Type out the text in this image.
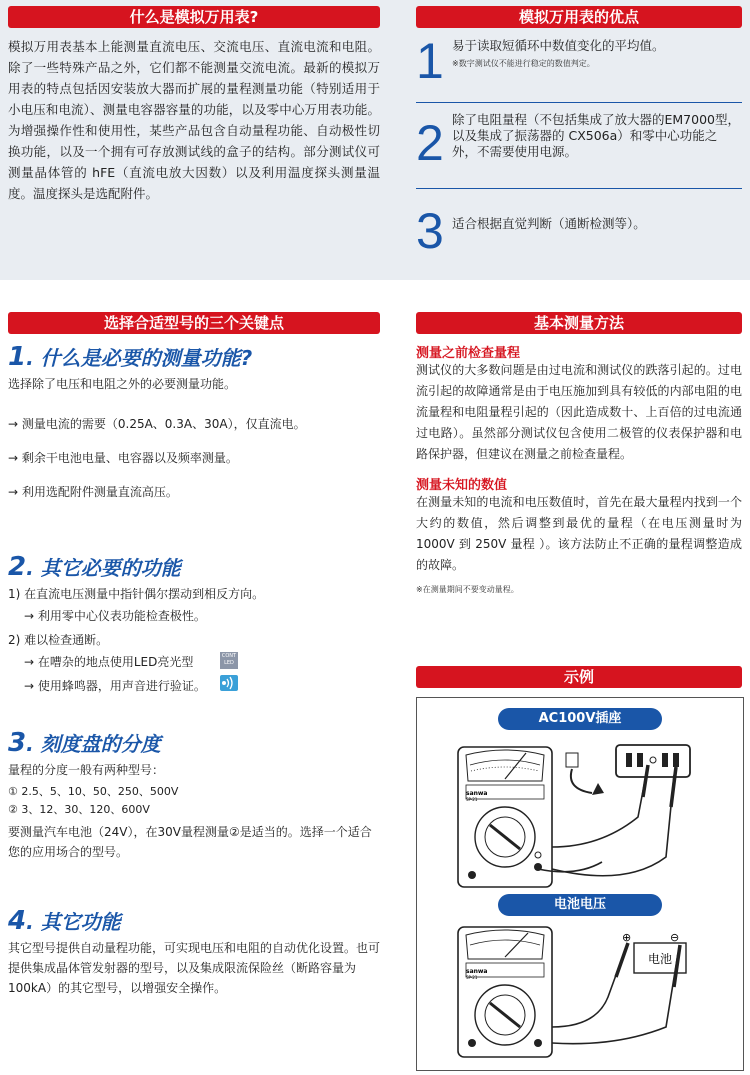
什么是模拟万用表?
模拟万用表基本上能测量直流电压、交流电压、直流电流和电阻。除了一些特殊产品之外，它们都不能测量交流电流。最新的模拟万用表的特点包括因安装放大器而扩展的量程测量功能（特别适用于小电压和电流）、测量电容器容量的功能，以及零中心万用表功能。为增强操作性和使用性，某些产品包含自动量程功能、自动极性切换功能，以及一个拥有可存放测试线的盒子的结构。部分测试仪可测量晶体管的 hFE（直流电放大因数）以及利用温度探头测量温度。温度探头是选配附件。
模拟万用表的优点
1 易于读取短循环中数值变化的平均值。
※数字测试仪不能进行稳定的数值判定。
2 除了电阻量程（不包括集成了放大器的EM7000型，以及集成了振荡器的 CX506a）和零中心功能之外，不需要使用电源。
3 适合根据直觉判断（通断检测等）。
选择合适型号的三个关键点
1. 什么是必要的测量功能?
选择除了电压和电阻之外的必要测量功能。
→ 测量电流的需要（0.25A、0.3A、30A），仅直流电。
→ 剩余干电池电量、电容器以及频率测量。
→ 利用选配附件测量直流高压。
2. 其它必要的功能
1) 在直流电压测量中指针偶尔摆动到相反方向。
→ 利用零中心仪表功能检查极性。
2) 难以检查通断。
→ 在嘈杂的地点使用LED亮光型	CONT LED
→ 使用蜂鸣器，用声音进行验证。
3. 刻度盘的分度
量程的分度一般有两种型号：
① 2.5、5、10、50、250、500V
② 3、12、30、120、600V
要测量汽车电池（24V），在30V量程测量②是适当的。选择一个适合您的应用场合的型号。
4. 其它功能
其它型号提供自动量程功能，可实现电压和电阻的自动优化设置。也可提供集成晶体管发射器的型号，以及集成限流保险丝（断路容量为 100kA）的其它型号，以增强安全操作。
基本测量方法
测量之前检查量程
测试仪的大多数问题是由过电流和测试仪的跌落引起的。过电流引起的故障通常是由于电压施加到具有较低的内部电阻的电流量程和电阻量程引起的（因此造成数十、上百倍的过电流通过电路）。虽然部分测试仪包含使用二极管的仪表保护器和电路保护器，但建议在测量之前检查量程。
测量未知的数值
在测量未知的电流和电压数值时，首先在最大量程内找到一个大约的数值，然后调整到最优的量程（在电压测量时为 1000V 到 250V 量程 ）。该方法防止不正确的量程调整造成的故障。
※在测量期间不要变动量程。
示例
AC100V插座
电池电压
sanwa
SP-21
sanwa
SP-21
电池
⊕	⊖
